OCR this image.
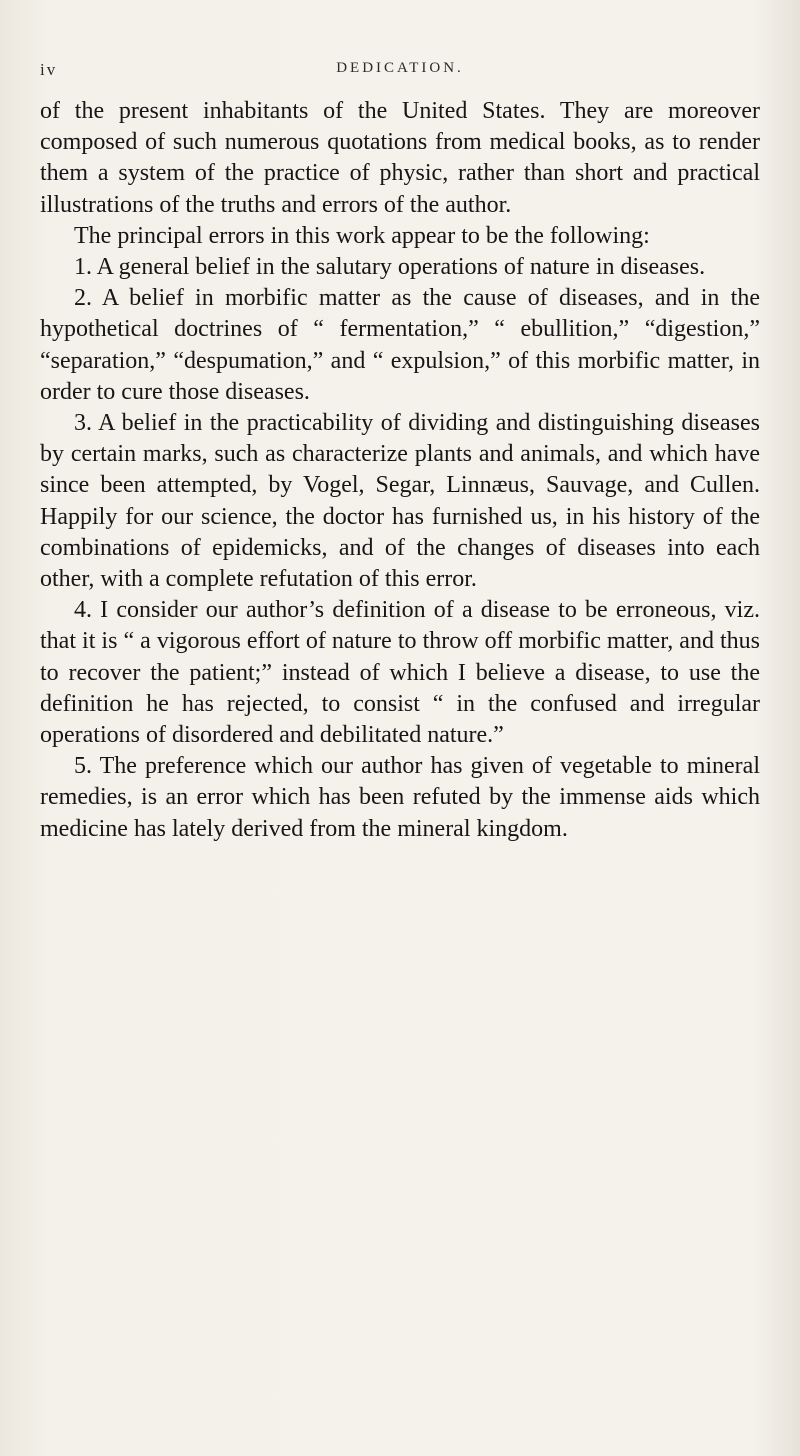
iv	DEDICATION.

of the present inhabitants of the United States. They are moreover composed of such numerous quotations from medical books, as to render them a system of the practice of physic, rather than short and practical illustrations of the truths and errors of the author.

The principal errors in this work appear to be the following:

1. A general belief in the salutary operations of nature in diseases.

2. A belief in morbific matter as the cause of diseases, and in the hypothetical doctrines of “ fermentation,” “ ebullition,” “digestion,” “separation,” “despumation,” and “ expulsion,” of this morbific matter, in order to cure those diseases.

3. A belief in the practicability of dividing and distinguishing diseases by certain marks, such as characterize plants and animals, and which have since been attempted, by Vogel, Segar, Linnæus, Sauvage, and Cullen. Happily for our science, the doctor has furnished us, in his history of the combinations of epidemicks, and of the changes of diseases into each other, with a complete refutation of this error.

4. I consider our author’s definition of a disease to be erroneous, viz. that it is “ a vigorous effort of nature to throw off morbific matter, and thus to recover the patient;” instead of which I believe a disease, to use the definition he has rejected, to consist “ in the confused and irregular operations of disordered and debilitated nature.”

5. The preference which our author has given of vegetable to mineral remedies, is an error which has been refuted by the immense aids which medicine has lately derived from the mineral kingdom.
